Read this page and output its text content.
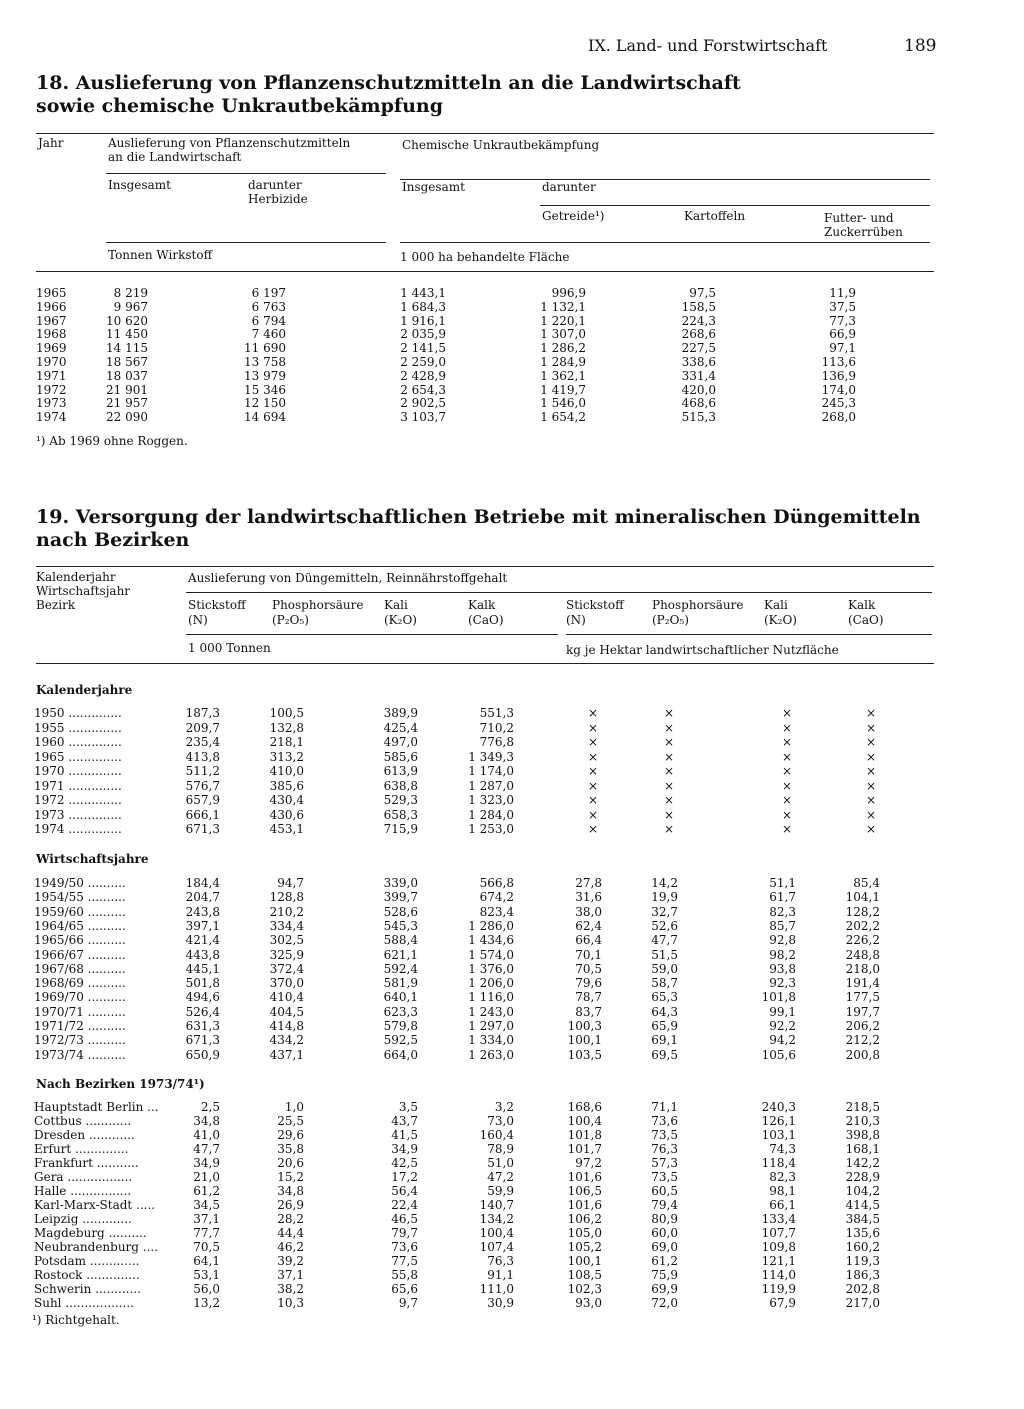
IX. Land- und Forstwirtschaft	189
18. Auslieferung von Pflanzenschutzmitteln an die Landwirtschaft
sowie chemische Unkrautbekämpfung
Jahr	Auslieferung von Pflanzenschutzmitteln
an die Landwirtschaft
Chemische Unkrautbekämpfung
Insgesamt	darunter
Herbizide
Insgesamt	darunter
Getreide¹)	Kartoffeln	Futter- und
Zuckerrüben
Tonnen Wirkstoff	1 000 ha behandelte Fläche
1965	8 219	6 197	1 443,1	996,9	97,5	11,9
1966	9 967	6 763	1 684,3	1 132,1	158,5	37,5
1967	10 620	6 794	1 916,1	1 220,1	224,3	77,3
1968	11 450	7 460	2 035,9	1 307,0	268,6	66,9
1969	14 115	11 690	2 141,5	1 286,2	227,5	97,1
1970	18 567	13 758	2 259,0	1 284,9	338,6	113,6
1971	18 037	13 979	2 428,9	1 362,1	331,4	136,9
1972	21 901	15 346	2 654,3	1 419,7	420,0	174,0
1973	21 957	12 150	2 902,5	1 546,0	468,6	245,3
1974	22 090	14 694	3 103,7	1 654,2	515,3	268,0
¹) Ab 1969 ohne Roggen.
19. Versorgung der landwirtschaftlichen Betriebe mit mineralischen Düngemitteln
nach Bezirken
Kalenderjahr
Wirtschaftsjahr
Bezirk
Auslieferung von Düngemitteln, Reinnährstoffgehalt
Stickstoff
(N)
Phosphorsäure
(P₂O₅)
Kali
(K₂O)
Kalk
(CaO)
Stickstoff
(N)
Phosphorsäure
(P₂O₅)
Kali
(K₂O)
Kalk
(CaO)
1 000 Tonnen	kg je Hektar landwirtschaftlicher Nutzfläche
Kalenderjahre
1950 ..............	187,3	100,5	389,9	551,3	×	×	×	×
1955 ..............	209,7	132,8	425,4	710,2	×	×	×	×
1960 ..............	235,4	218,1	497,0	776,8	×	×	×	×
1965 ..............	413,8	313,2	585,6	1 349,3	×	×	×	×
1970 ..............	511,2	410,0	613,9	1 174,0	×	×	×	×
1971 ..............	576,7	385,6	638,8	1 287,0	×	×	×	×
1972 ..............	657,9	430,4	529,3	1 323,0	×	×	×	×
1973 ..............	666,1	430,6	658,3	1 284,0	×	×	×	×
1974 ..............	671,3	453,1	715,9	1 253,0	×	×	×	×
Wirtschaftsjahre
1949/50 ..........	184,4	94,7	339,0	566,8	27,8	14,2	51,1	85,4
1954/55 ..........	204,7	128,8	399,7	674,2	31,6	19,9	61,7	104,1
1959/60 ..........	243,8	210,2	528,6	823,4	38,0	32,7	82,3	128,2
1964/65 ..........	397,1	334,4	545,3	1 286,0	62,4	52,6	85,7	202,2
1965/66 ..........	421,4	302,5	588,4	1 434,6	66,4	47,7	92,8	226,2
1966/67 ..........	443,8	325,9	621,1	1 574,0	70,1	51,5	98,2	248,8
1967/68 ..........	445,1	372,4	592,4	1 376,0	70,5	59,0	93,8	218,0
1968/69 ..........	501,8	370,0	581,9	1 206,0	79,6	58,7	92,3	191,4
1969/70 ..........	494,6	410,4	640,1	1 116,0	78,7	65,3	101,8	177,5
1970/71 ..........	526,4	404,5	623,3	1 243,0	83,7	64,3	99,1	197,7
1971/72 ..........	631,3	414,8	579,8	1 297,0	100,3	65,9	92,2	206,2
1972/73 ..........	671,3	434,2	592,5	1 334,0	100,1	69,1	94,2	212,2
1973/74 ..........	650,9	437,1	664,0	1 263,0	103,5	69,5	105,6	200,8
Nach Bezirken 1973/74¹)
Hauptstadt Berlin ...	2,5	1,0	3,5	3,2	168,6	71,1	240,3	218,5
Cottbus ............	34,8	25,5	43,7	73,0	100,4	73,6	126,1	210,3
Dresden ............	41,0	29,6	41,5	160,4	101,8	73,5	103,1	398,8
Erfurt ..............	47,7	35,8	34,9	78,9	101,7	76,3	74,3	168,1
Frankfurt ...........	34,9	20,6	42,5	51,0	97,2	57,3	118,4	142,2
Gera .................	21,0	15,2	17,2	47,2	101,6	73,5	82,3	228,9
Halle ................	61,2	34,8	56,4	59,9	106,5	60,5	98,1	104,2
Karl-Marx-Stadt .....	34,5	26,9	22,4	140,7	101,6	79,4	66,1	414,5
Leipzig .............	37,1	28,2	46,5	134,2	106,2	80,9	133,4	384,5
Magdeburg ..........	77,7	44,4	79,7	100,4	105,0	60,0	107,7	135,6
Neubrandenburg ....	70,5	46,2	73,6	107,4	105,2	69,0	109,8	160,2
Potsdam .............	64,1	39,2	77,5	76,3	100,1	61,2	121,1	119,3
Rostock ..............	53,1	37,1	55,8	91,1	108,5	75,9	114,0	186,3
Schwerin ............	56,0	38,2	65,6	111,0	102,3	69,9	119,9	202,8
Suhl ..................	13,2	10,3	9,7	30,9	93,0	72,0	67,9	217,0
¹) Richtgehalt.
